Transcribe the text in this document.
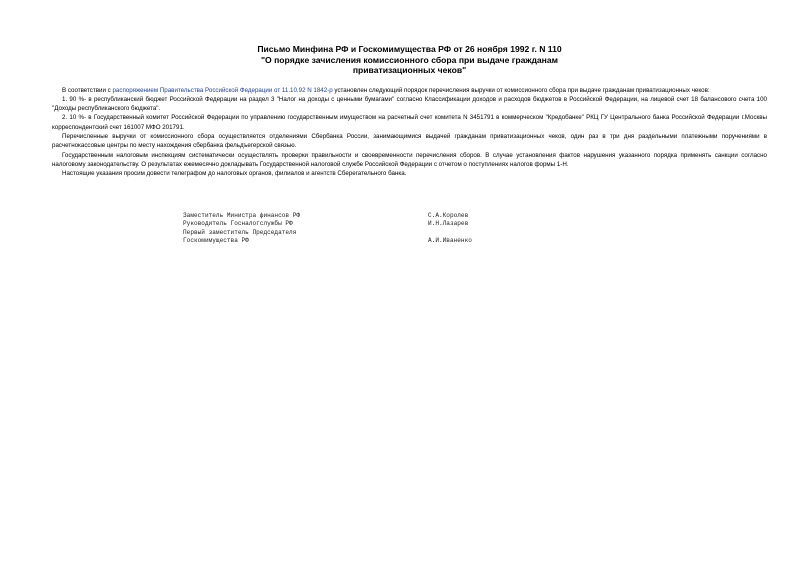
Письмо Минфина РФ и Госкомимущества РФ от 26 ноября 1992 г. N 110
"О порядке зачисления комиссионного сбора при выдаче гражданам
приватизационных чеков"

В соответствии с распоряжением Правительства Российской Федерации от 11.10.92 N 1842-р установлен следующий порядок перечисления выручки от комиссионного сбора при выдаче гражданам приватизационных чеков:

1. 90 %- в республиканский бюджет Российской Федерации на раздел 3 "Налог на доходы с ценными бумагами" согласно Классификации доходов и расходов бюджетов в Российской Федерации, на лицевой счет 18 балансового счета 100 "Доходы республиканского бюджета".

2. 10 %- в Государственный комитет Российской Федерации по управлению государственным имуществом на расчетный счет комитета N 3451791 в коммерческом "Кредобанке" РКЦ ГУ Центрального банка Российской Федерации г.Москвы корреспондентский счет 161007 МФО 201791.

Перечисленные выручки от комиссионного сбора осуществляется отделениями Сбербанка России, занимающимися выдачей гражданам приватизационных чеков, один раз в три дня раздельными платежными поручениями в расчетнокассовые центры по месту нахождения сбербанка фельдъегерской связью.

Государственным налоговым инспекциям систематически осуществлять проверки правильности и своевременности перечисления сборов. В случае установления фактов нарушения указанного порядка применять санкции согласно налоговому законодательству. О результатах ежемесячно докладывать Государственной налоговой службе Российской Федерации с отчетом о поступлениях налогов формы 1-Н.

Настоящие указания просим довести телеграфом до налоговых органов, филиалов и агентств Сберегательного банка.

Заместитель Министра финансов РФ	С.А.Королев
Руководитель Госналогслужбы РФ	И.Н.Лазарев
Первый заместитель Председателя
Госкомимущества РФ	А.И.Иваненко
